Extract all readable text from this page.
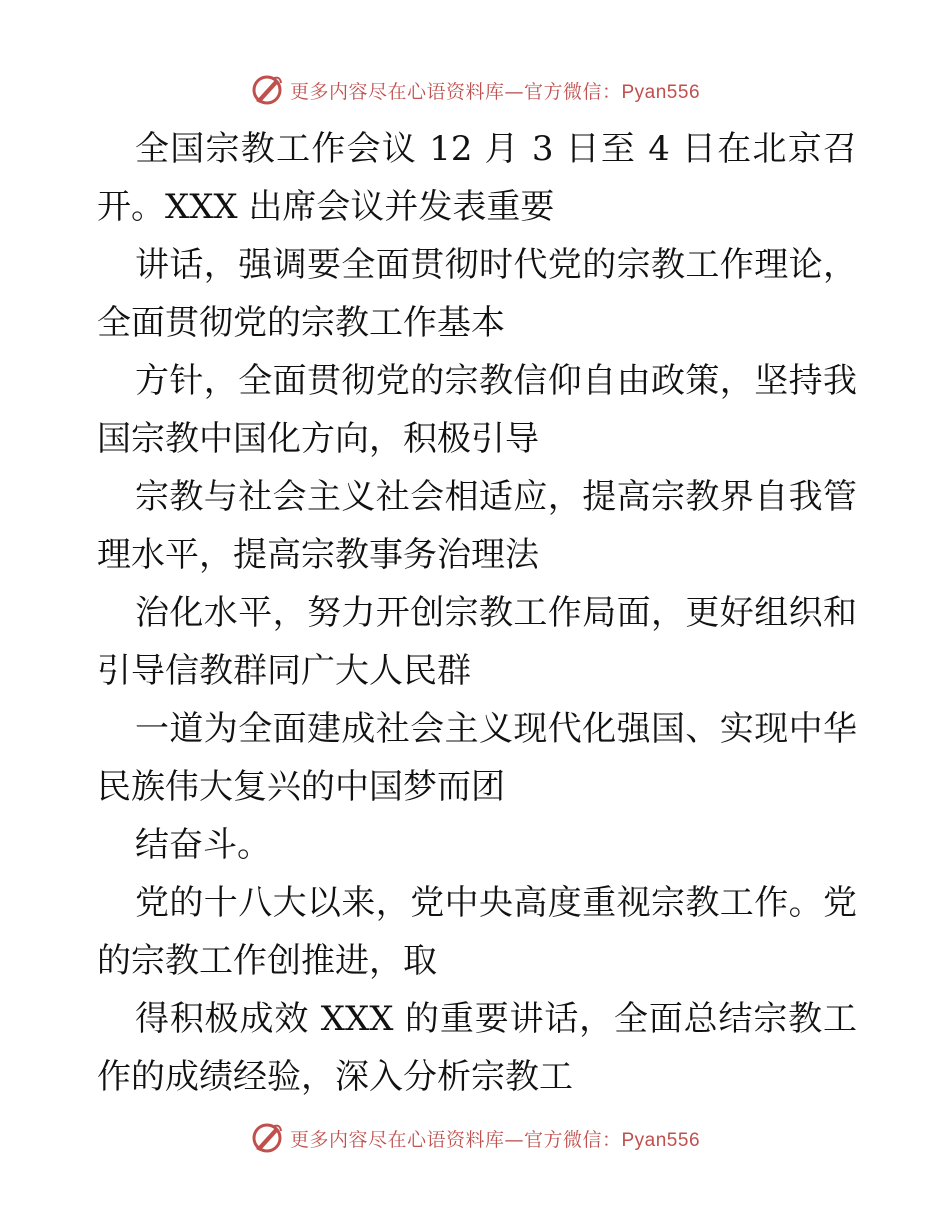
更多内容尽在心语资料库—官方微信：Pyan556
全国宗教工作会议 12 月 3 日至 4 日在北京召
开。XXX 出席会议并发表重要
讲话，强调要全面贯彻时代党的宗教工作理论，
全面贯彻党的宗教工作基本
方针，全面贯彻党的宗教信仰自由政策，坚持我
国宗教中国化方向，积极引导
宗教与社会主义社会相适应，提高宗教界自我管
理水平，提高宗教事务治理法
治化水平，努力开创宗教工作局面，更好组织和
引导信教群同广大人民群
一道为全面建成社会主义现代化强国、实现中华
民族伟大复兴的中国梦而团
结奋斗。
党的十八大以来，党中央高度重视宗教工作。党
的宗教工作创推进，取
得积极成效 XXX 的重要讲话，全面总结宗教工
作的成绩经验，深入分析宗教工
更多内容尽在心语资料库—官方微信：Pyan556
